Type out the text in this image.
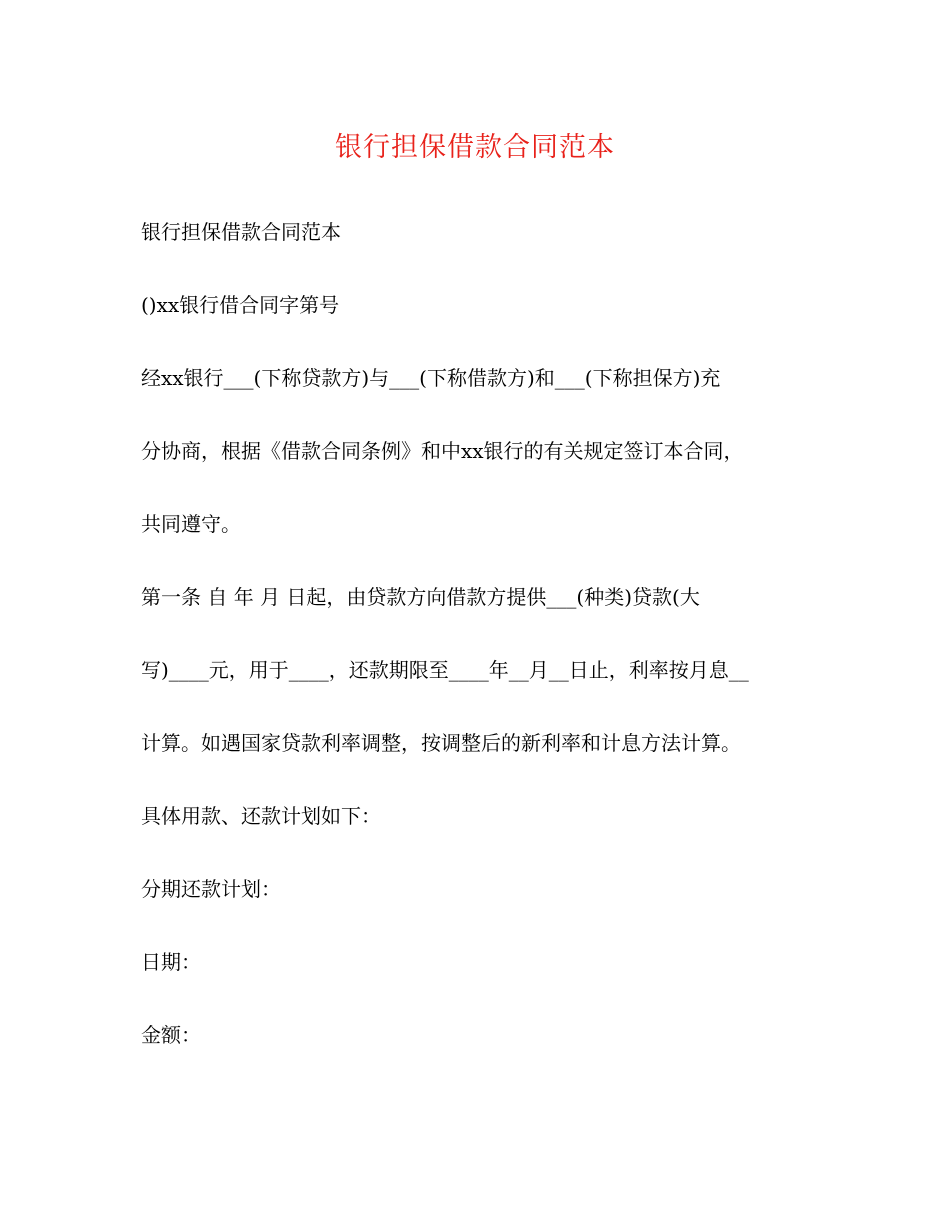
银行担保借款合同范本
银行担保借款合同范本
()xx银行借合同字第号
经xx银行___(下称贷款方)与___(下称借款方)和___(下称担保方)充
分协商，根据《借款合同条例》和中xx银行的有关规定签订本合同，
共同遵守。
第一条 自 年 月 日起，由贷款方向借款方提供___(种类)贷款(大
写)____元，用于____，还款期限至____年__月__日止，利率按月息__
计算。如遇国家贷款利率调整，按调整后的新利率和计息方法计算。
具体用款、还款计划如下：
分期还款计划：
日期：
金额：
